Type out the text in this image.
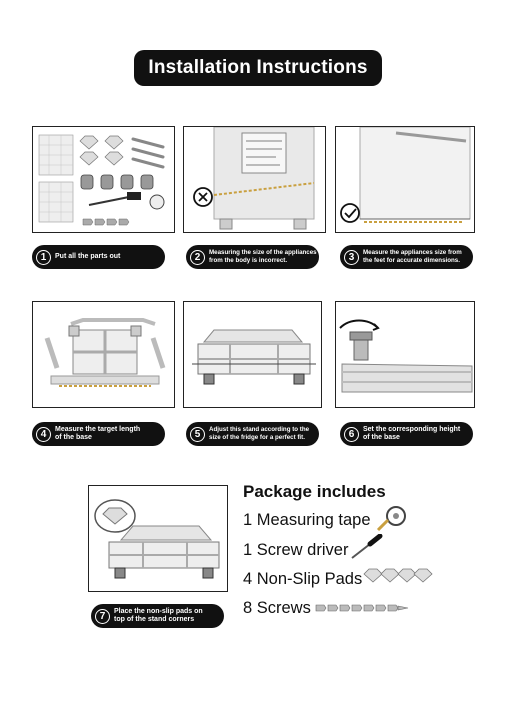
Installation Instructions
1	Put all the parts out	2	Measuring the size of the appliances
from the body is incorrect.	3	Measure the appliances size from
the feet for accurate dimensions.
4	Measure the target length
of the base	5	Adjust this stand according to the
size of the fridge for a perfect fit.	6	Set the corresponding height
of the base
7	Place the non-slip pads on
top of the stand corners
Package includes
1 Measuring tape
1 Screw driver
4 Non-Slip Pads
8 Screws
